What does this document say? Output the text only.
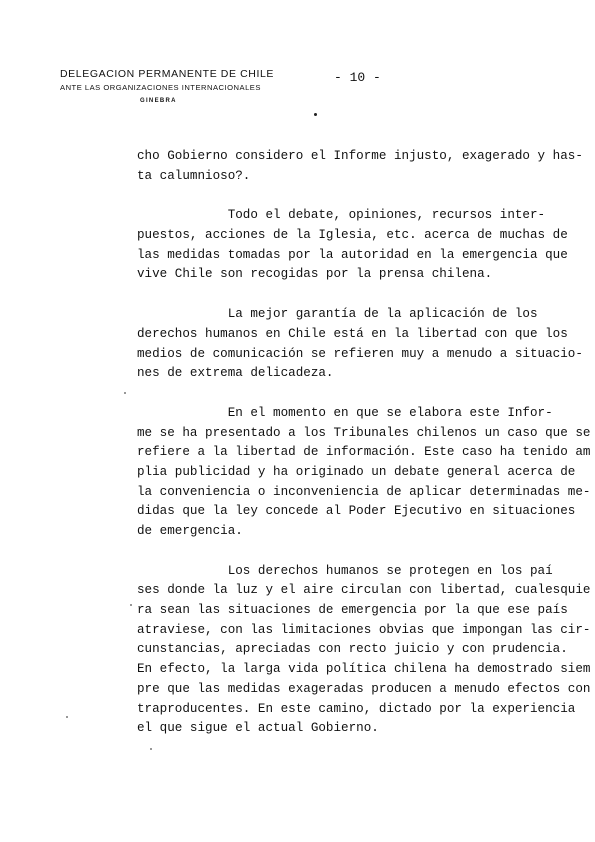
DELEGACION PERMANENTE DE CHILE
ANTE LAS ORGANIZACIONES INTERNACIONALES
GINEBRA
- 10 -
cho Gobierno considero el Informe injusto, exagerado y has-
ta calumnioso?.
Todo el debate, opiniones, recursos inter-
puestos, acciones de la Iglesia, etc. acerca de muchas de
las medidas tomadas por la autoridad en la emergencia que
vive Chile son recogidas por la prensa chilena.
La mejor garantía de la aplicación de los
derechos humanos en Chile está en la libertad con que los
medios de comunicación se refieren muy a menudo a situacio-
nes de extrema delicadeza.
En el momento en que se elabora este Infor-
me se ha presentado a los Tribunales chilenos un caso que se
refiere a la libertad de información. Este caso ha tenido am
plia publicidad y ha originado un debate general acerca de
la conveniencia o inconveniencia de aplicar determinadas me-
didas que la ley concede al Poder Ejecutivo en situaciones
de emergencia.
Los derechos humanos se protegen en los paí
ses donde la luz y el aire circulan con libertad, cualesquie
ra sean las situaciones de emergencia por la que ese país
atraviese, con las limitaciones obvias que impongan las cir-
cunstancias, apreciadas con recto juicio y con prudencia.
En efecto, la larga vida política chilena ha demostrado siem
pre que las medidas exageradas producen a menudo efectos con
traproducentes. En este camino, dictado por la experiencia
el que sigue el actual Gobierno.
